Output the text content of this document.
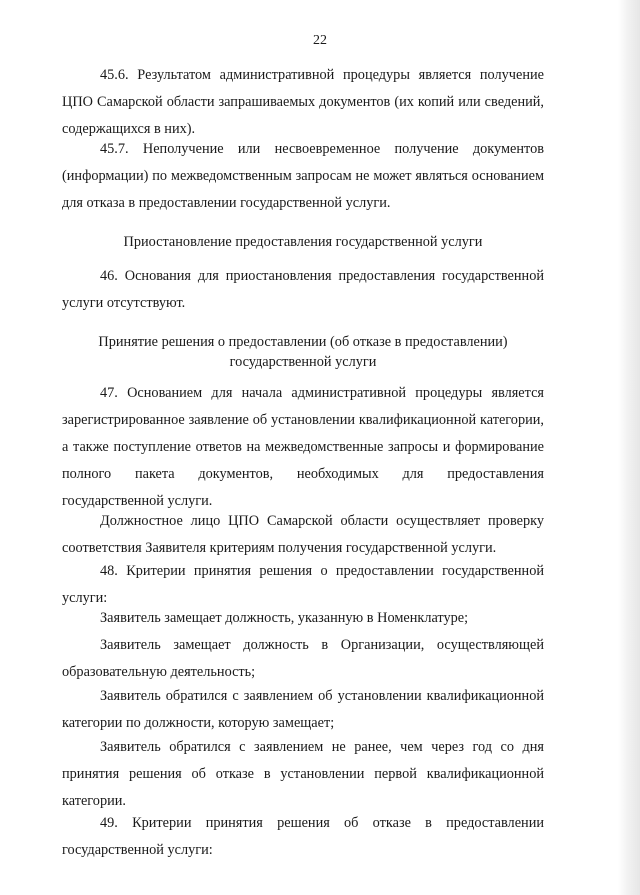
22

45.6. Результатом административной процедуры является получение ЦПО Самарской области запрашиваемых документов (их копий или сведений, содержащихся в них).

45.7. Неполучение или несвоевременное получение документов (информации) по межведомственным запросам не может являться основанием для отказа в предоставлении государственной услуги.

Приостановление предоставления государственной услуги

46. Основания для приостановления предоставления государственной услуги отсутствуют.

Принятие решения о предоставлении (об отказе в предоставлении) государственной услуги

47. Основанием для начала административной процедуры является зарегистрированное заявление об установлении квалификационной категории, а также поступление ответов на межведомственные запросы и формирование полного пакета документов, необходимых для предоставления государственной услуги.

Должностное лицо ЦПО Самарской области осуществляет проверку соответствия Заявителя критериям получения государственной услуги.

48. Критерии принятия решения о предоставлении государственной услуги:

Заявитель замещает должность, указанную в Номенклатуре;

Заявитель замещает должность в Организации, осуществляющей образовательную деятельность;

Заявитель обратился с заявлением об установлении квалификационной категории по должности, которую замещает;

Заявитель обратился с заявлением не ранее, чем через год со дня принятия решения об отказе в установлении первой квалификационной категории.

49. Критерии принятия решения об отказе в предоставлении государственной услуги:
